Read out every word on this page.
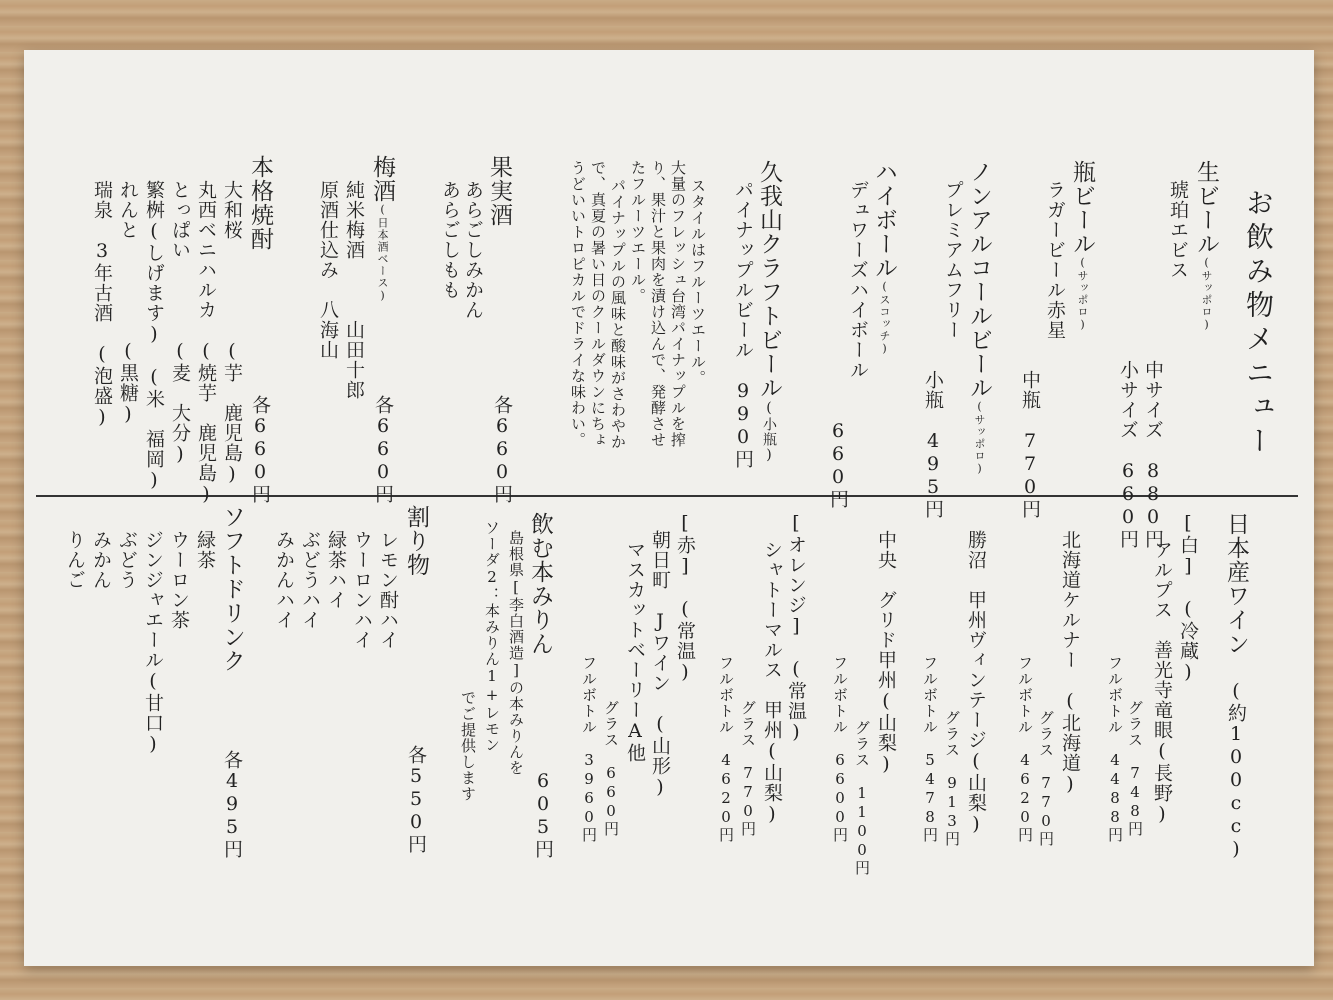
お飲み物メニュー
生ビール(サッポロ)
琥珀エビス
中サイズ　880円
小サイズ　660円
瓶ビール(サッポロ)
ラガービール赤星
中瓶　770円
ノンアルコールビール(サッポロ)
プレミアムフリー
小瓶　495円
ハイボール(スコッチ)
デュワーズハイボール
660円
久我山クラフトビール(小瓶)
パイナップルビール　990円
スタイルはフルーツエール。
大量のフレッシュ台湾パイナップルを搾
り、果汁と果肉を漬け込んで、発酵させ
たフルーツエール。
パイナップルの風味と酸味がさわやか
で、真夏の暑い日のクールダウンにちょ
うどいいトロピカルでドライな味わい。
果実酒
あらごしみかん
あらごしもも
各660円
梅酒(日本酒ベース)
純米梅酒　　　山田十郎
原酒仕込み　八海山
各660円
本格焼酎
大和桜　　　　　(芋　鹿児島)
丸西ベニハルカ　(焼芋　鹿児島)
とっぱい　　　　(麦　大分)
繁桝(しげます)　(米　福岡)
れんと　　　　　(黒糖)
瑞泉　3年古酒　(泡盛)
各660円
日本産ワイン
(約100cc)
[白]　(冷蔵)
アルプス　善光寺竜眼(長野)
グラス　748円
フルボトル　4488円
北海道ケルナー　(北海道)
グラス　770円
フルボトル　4620円
勝沼　甲州ヴィンテージ(山梨)
グラス　913円
フルボトル　5478円
中央　グリド甲州(山梨)
グラス　1100円
フルボトル　6600円
[オレンジ]　(常温)
シャトーマルス　甲州(山梨)
グラス　770円
フルボトル　4620円
[赤]　(常温)
朝日町　Jワイン　(山形)
マスカットベーリーA他
グラス　660円
フルボトル　3960円
飲む本みりん
島根県[李白酒造]の本みりんを
ソーダ2：本みりん1+レモン
でご提供します
605円
割り物
レモン酎ハイ
ウーロンハイ
緑茶ハイ
ぶどうハイ
みかんハイ
各550円
ソフトドリンク
緑茶
ウーロン茶
ジンジャエール(甘口)
ぶどう
みかん
りんご
各495円
